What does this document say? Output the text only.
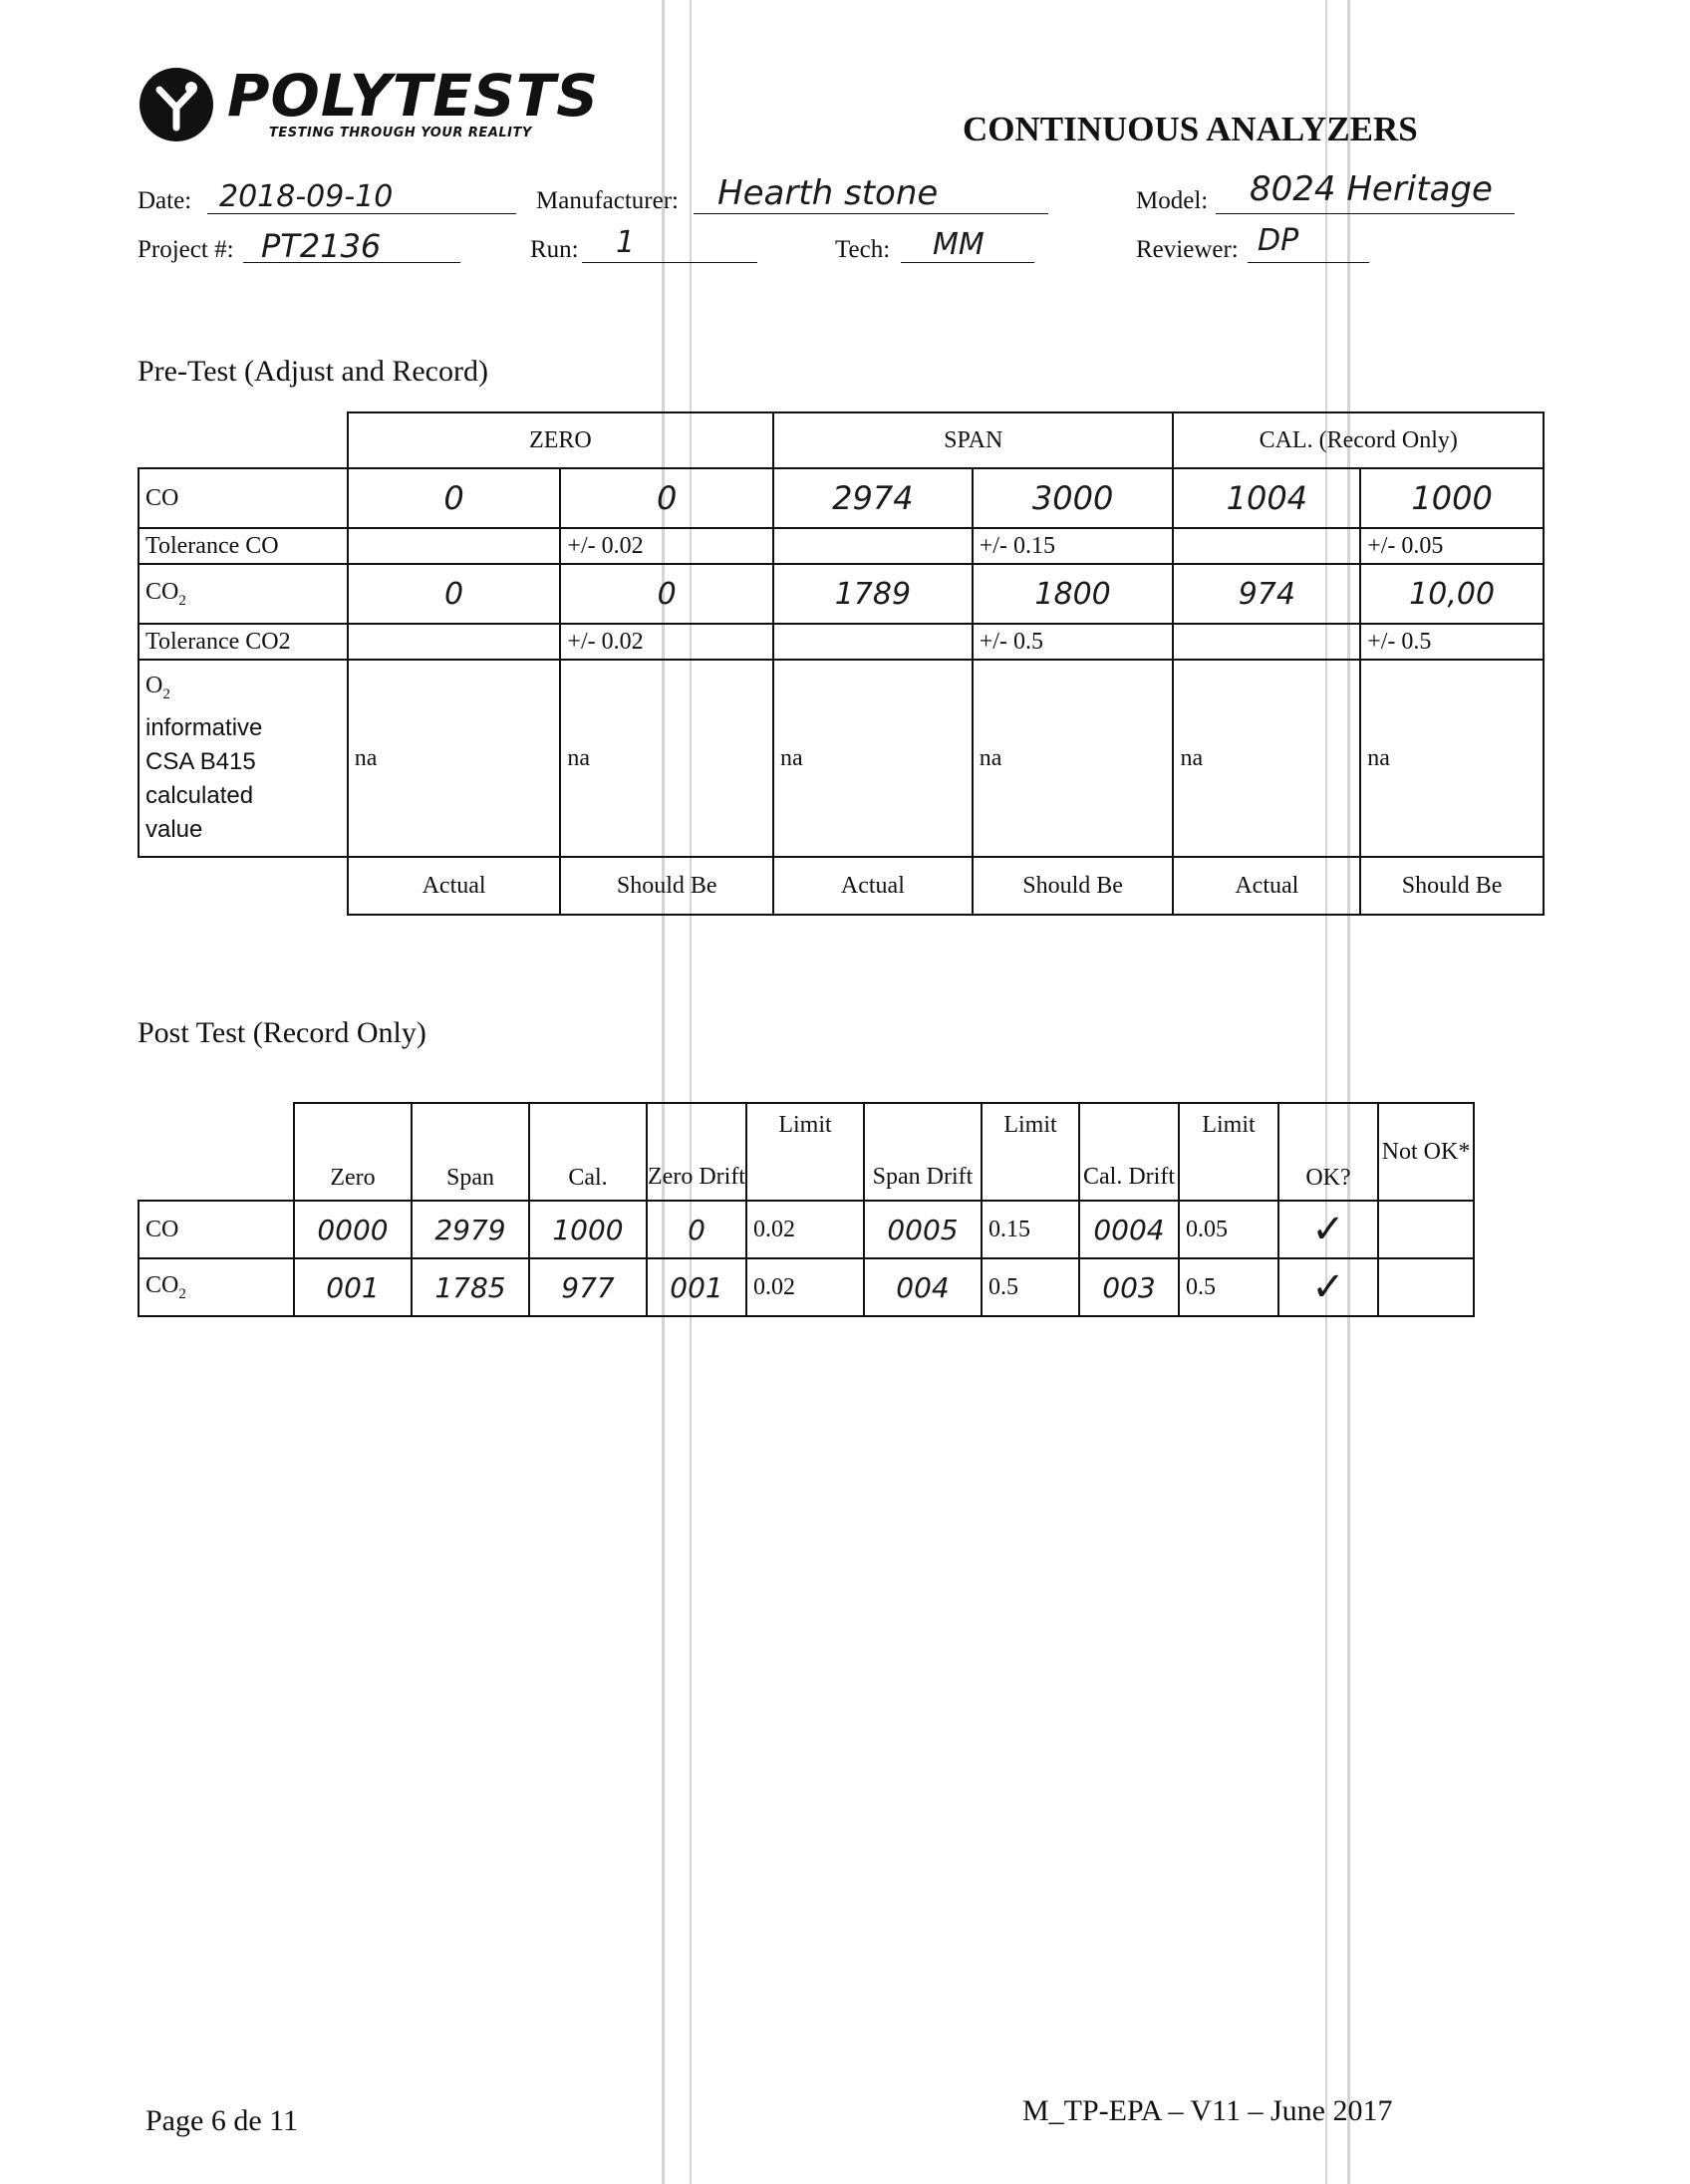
POLYTESTS
TESTING THROUGH YOUR REALITY	CONTINUOUS ANALYZERS
Date: 2018-09-10	Manufacturer: Hearth stone	Model: 8024 Heritage
Project #: PT2136	Run: 1	Tech: MM	Reviewer: DP
Pre-Test (Adjust and Record)
	ZERO		SPAN		CAL. (Record Only)	
CO	0	0	2974	3000	1004	1000
Tolerance CO		+/- 0.02		+/- 0.15		+/- 0.05
$CO_2$	0	0	1789	1800	974	10,00
Tolerance CO2		+/- 0.02		+/- 0.5		+/- 0.5
$O_2$
informative
CSA B415
calculated
value	na	na	na	na	na	na
	Actual	Should Be	Actual	Should Be	Actual	Should Be
Post Test (Record Only)
	Zero	Span	Cal.	Zero Drift	Limit	Span Drift	Limit	Cal. Drift	Limit	OK?	Not OK*
CO	0000	2979	1000	0	0.02	0005	0.15	0004	0.05	✓	
$CO_2$	001	1785	977	001	0.02	004	0.5	003	0.5	✓	
Page 6 de 11	M_TP-EPA – V11 – June 2017
